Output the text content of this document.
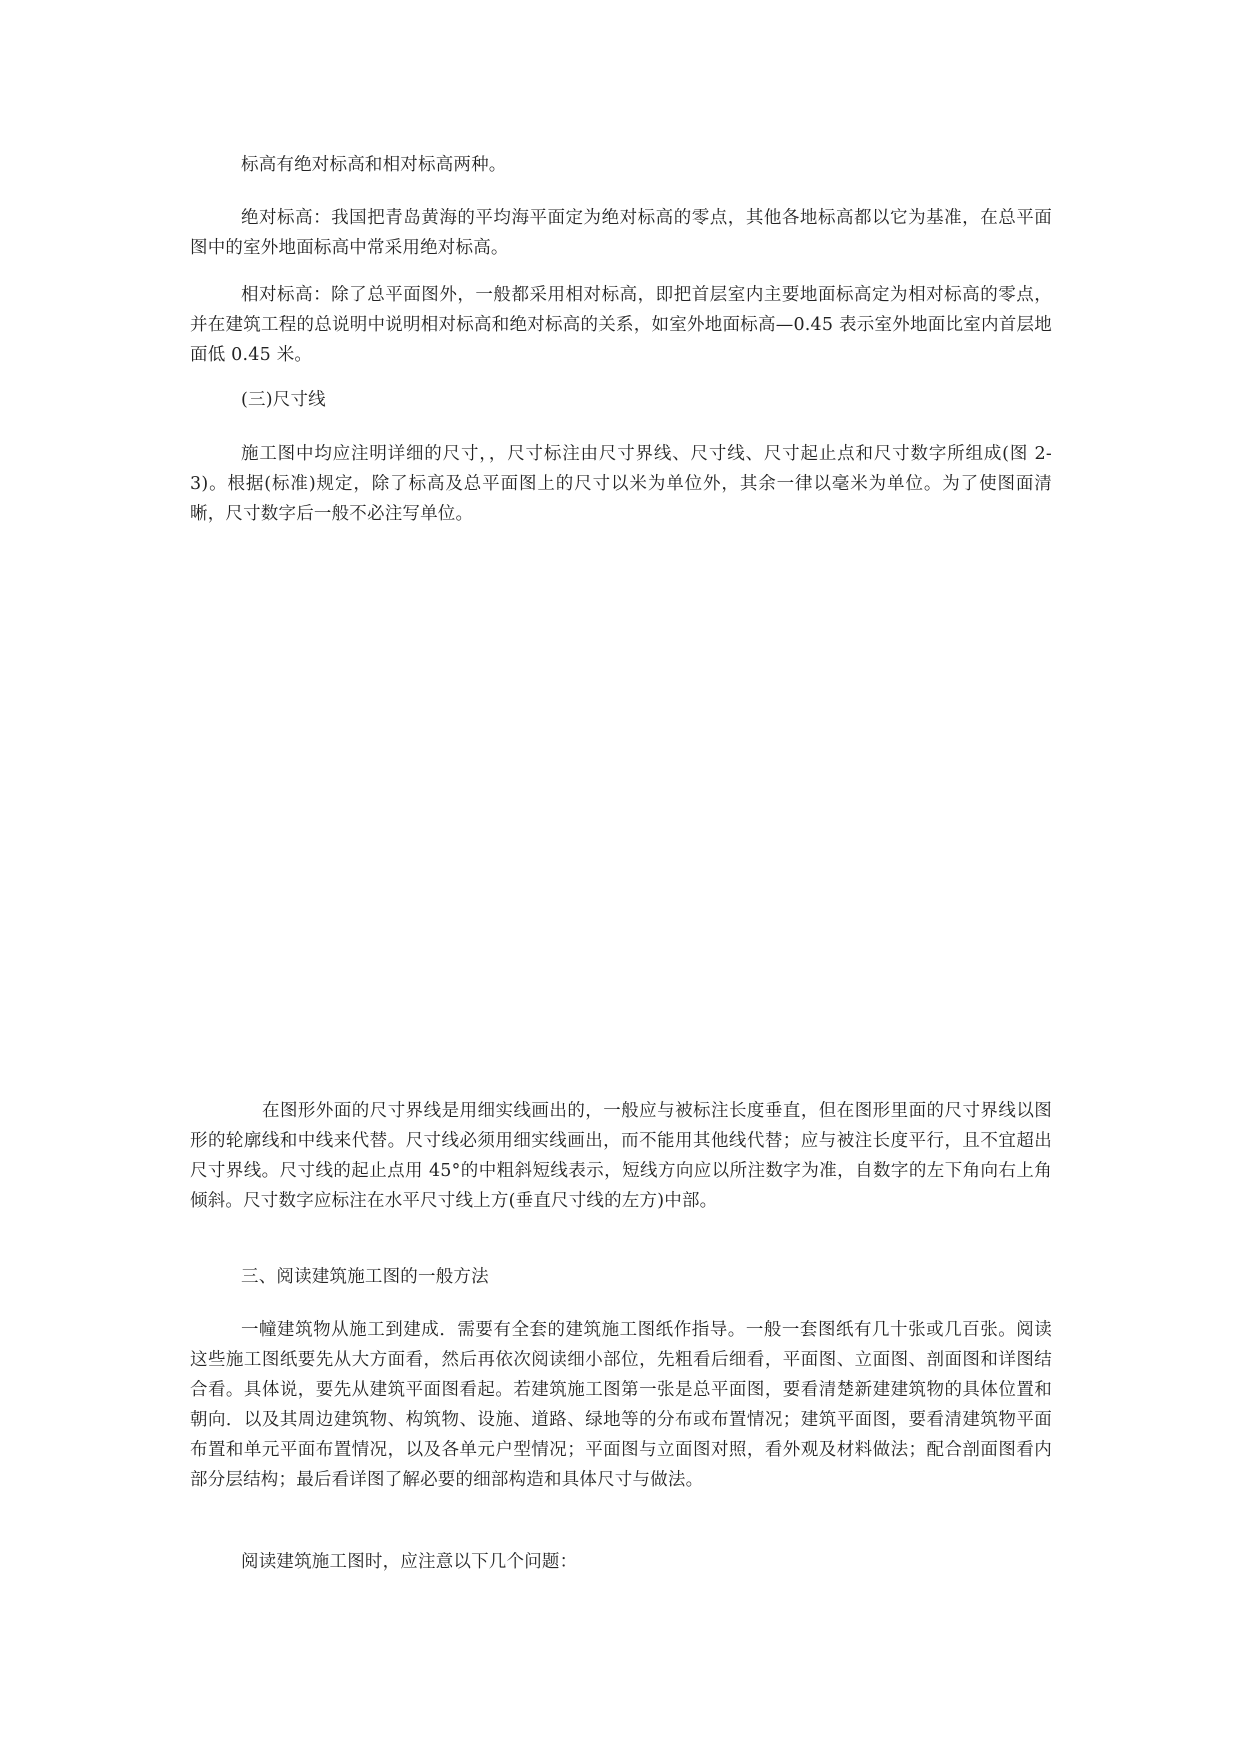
标高有绝对标高和相对标高两种。

绝对标高：我国把青岛黄海的平均海平面定为绝对标高的零点，其他各地标高都以它为基准，在总平面图中的室外地面标高中常采用绝对标高。

相对标高：除了总平面图外，一般都采用相对标高，即把首层室内主要地面标高定为相对标高的零点，并在建筑工程的总说明中说明相对标高和绝对标高的关系，如室外地面标高—0.45 表示室外地面比室内首层地面低 0.45 米。

(三)尺寸线

施工图中均应注明详细的尺寸，，尺寸标注由尺寸界线、尺寸线、尺寸起止点和尺寸数字所组成(图 2-3)。根据(标准)规定，除了标高及总平面图上的尺寸以米为单位外，其余一律以毫米为单位。为了使图面清晰，尺寸数字后一般不必注写单位。

在图形外面的尺寸界线是用细实线画出的，一般应与被标注长度垂直，但在图形里面的尺寸界线以图形的轮廓线和中线来代替。尺寸线必须用细实线画出，而不能用其他线代替；应与被注长度平行，且不宜超出尺寸界线。尺寸线的起止点用 45°的中粗斜短线表示，短线方向应以所注数字为准，自数字的左下角向右上角倾斜。尺寸数字应标注在水平尺寸线上方(垂直尺寸线的左方)中部。

三、阅读建筑施工图的一般方法

一幢建筑物从施工到建成．需要有全套的建筑施工图纸作指导。一般一套图纸有几十张或几百张。阅读这些施工图纸要先从大方面看，然后再依次阅读细小部位，先粗看后细看，平面图、立面图、剖面图和详图结合看。具体说，要先从建筑平面图看起。若建筑施工图第一张是总平面图，要看清楚新建建筑物的具体位置和朝向．以及其周边建筑物、构筑物、设施、道路、绿地等的分布或布置情况；建筑平面图，要看清建筑物平面布置和单元平面布置情况，以及各单元户型情况；平面图与立面图对照，看外观及材料做法；配合剖面图看内部分层结构；最后看详图了解必要的细部构造和具体尺寸与做法。

阅读建筑施工图时，应注意以下几个问题：
